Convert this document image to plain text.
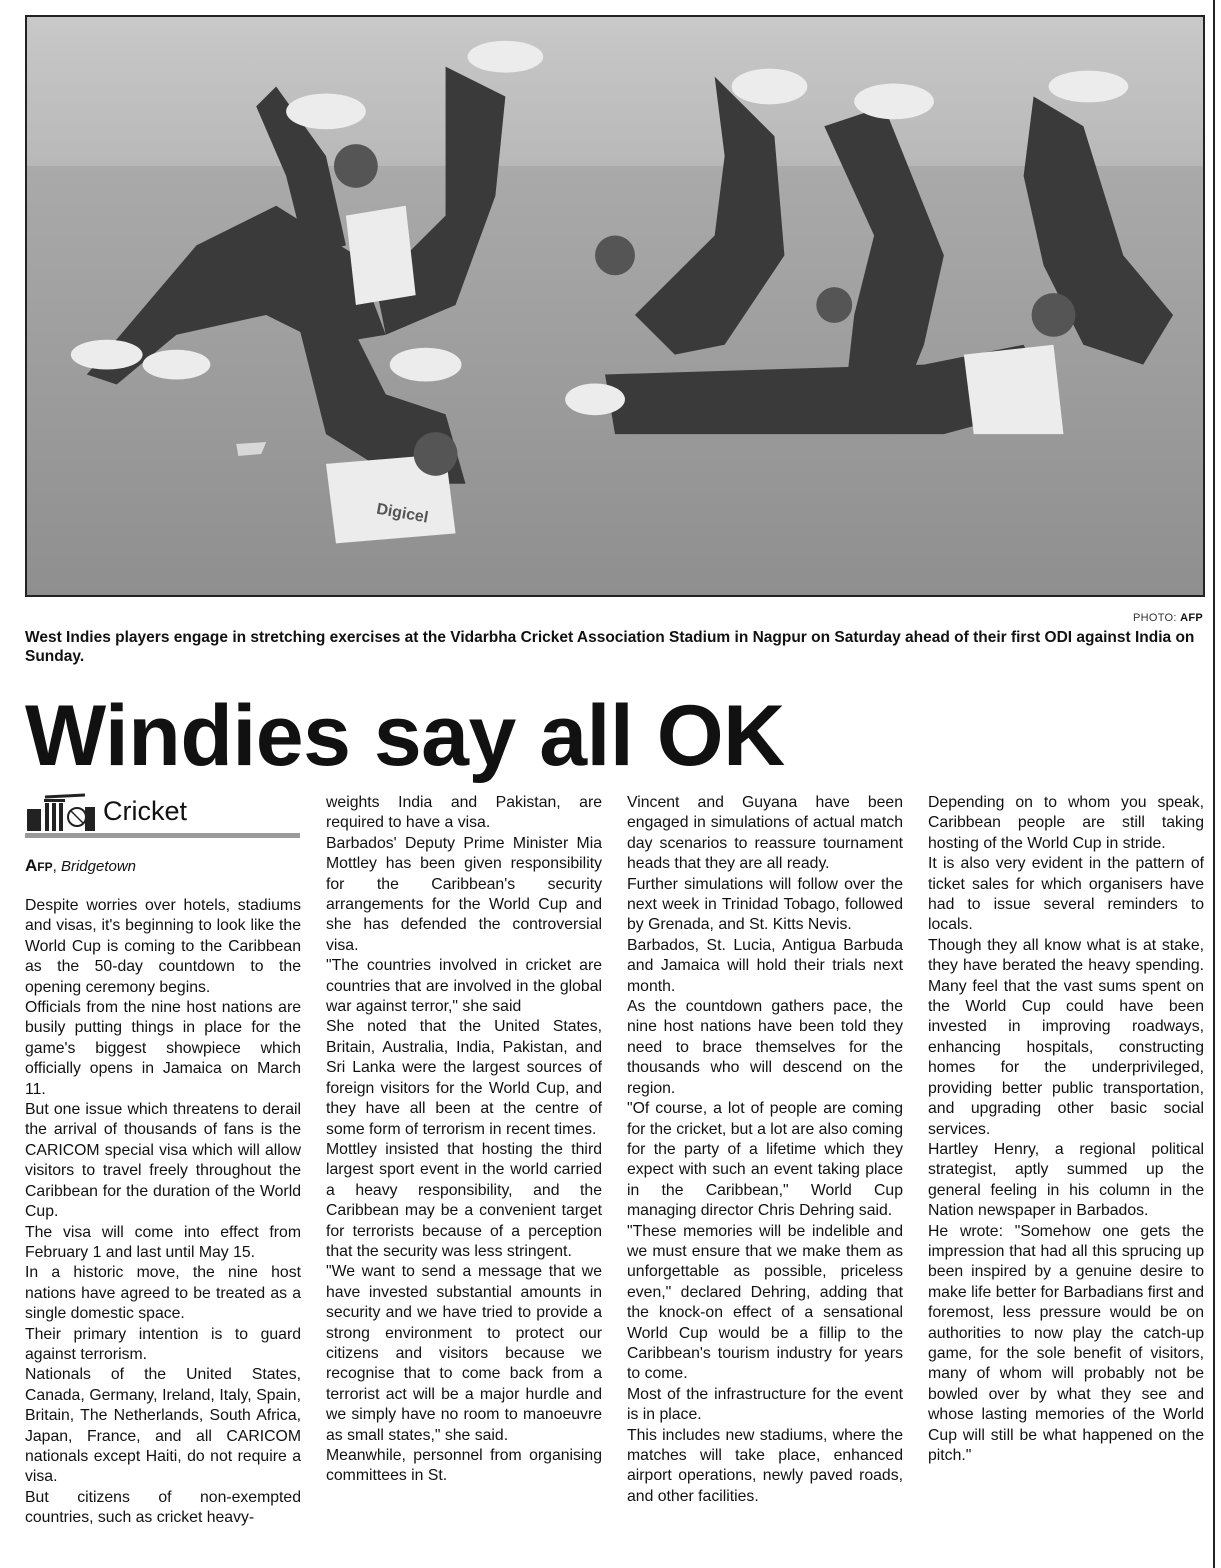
Digicel
PHOTO: AFP
West Indies players engage in stretching exercises at the Vidarbha Cricket Association Stadium in Nagpur on Saturday ahead of their first ODI against India on Sunday.
Windies say all OK
Cricket
Afp, Bridgetown
Despite worries over hotels, stadiums and visas, it's beginning to look like the World Cup is coming to the Caribbean as the 50-day countdown to the opening ceremony begins.
Officials from the nine host nations are busily putting things in place for the game's biggest showpiece which officially opens in Jamaica on March 11.
But one issue which threatens to derail the arrival of thousands of fans is the CARICOM special visa which will allow visitors to travel freely throughout the Caribbean for the duration of the World Cup.
The visa will come into effect from February 1 and last until May 15.
In a historic move, the nine host nations have agreed to be treated as a single domestic space.
Their primary intention is to guard against terrorism.
Nationals of the United States, Canada, Germany, Ireland, Italy, Spain, Britain, The Netherlands, South Africa, Japan, France, and all CARICOM nationals except Haiti, do not require a visa.
But citizens of non-exempted countries, such as cricket heavy-
weights India and Pakistan, are required to have a visa.
Barbados' Deputy Prime Minister Mia Mottley has been given responsibility for the Caribbean's security arrangements for the World Cup and she has defended the controversial visa.
"The countries involved in cricket are countries that are involved in the global war against terror," she said
She noted that the United States, Britain, Australia, India, Pakistan, and Sri Lanka were the largest sources of foreign visitors for the World Cup, and they have all been at the centre of some form of terrorism in recent times.
Mottley insisted that hosting the third largest sport event in the world carried a heavy responsibility, and the Caribbean may be a convenient target for terrorists because of a perception that the security was less stringent.
"We want to send a message that we have invested substantial amounts in security and we have tried to provide a strong environment to protect our citizens and visitors because we recognise that to come back from a terrorist act will be a major hurdle and we simply have no room to manoeuvre as small states," she said.
Meanwhile, personnel from organising committees in St.
Vincent and Guyana have been engaged in simulations of actual match day scenarios to reassure tournament heads that they are all ready.
Further simulations will follow over the next week in Trinidad Tobago, followed by Grenada, and St. Kitts Nevis.
Barbados, St. Lucia, Antigua Barbuda and Jamaica will hold their trials next month.
As the countdown gathers pace, the nine host nations have been told they need to brace themselves for the thousands who will descend on the region.
"Of course, a lot of people are coming for the cricket, but a lot are also coming for the party of a lifetime which they expect with such an event taking place in the Caribbean," World Cup managing director Chris Dehring said.
"These memories will be indelible and we must ensure that we make them as unforgettable as possible, priceless even," declared Dehring, adding that the knock-on effect of a sensational World Cup would be a fillip to the Caribbean's tourism industry for years to come.
Most of the infrastructure for the event is in place.
This includes new stadiums, where the matches will take place, enhanced airport operations, newly paved roads, and other facilities.
Depending on to whom you speak, Caribbean people are still taking hosting of the World Cup in stride.
It is also very evident in the pattern of ticket sales for which organisers have had to issue several reminders to locals.
Though they all know what is at stake, they have berated the heavy spending. Many feel that the vast sums spent on the World Cup could have been invested in improving roadways, enhancing hospitals, constructing homes for the underprivileged, providing better public transportation, and upgrading other basic social services.
Hartley Henry, a regional political strategist, aptly summed up the general feeling in his column in the Nation newspaper in Barbados.
He wrote: "Somehow one gets the impression that had all this sprucing up been inspired by a genuine desire to make life better for Barbadians first and foremost, less pressure would be on authorities to now play the catch-up game, for the sole benefit of visitors, many of whom will probably not be bowled over by what they see and whose lasting memories of the World Cup will still be what happened on the pitch."
